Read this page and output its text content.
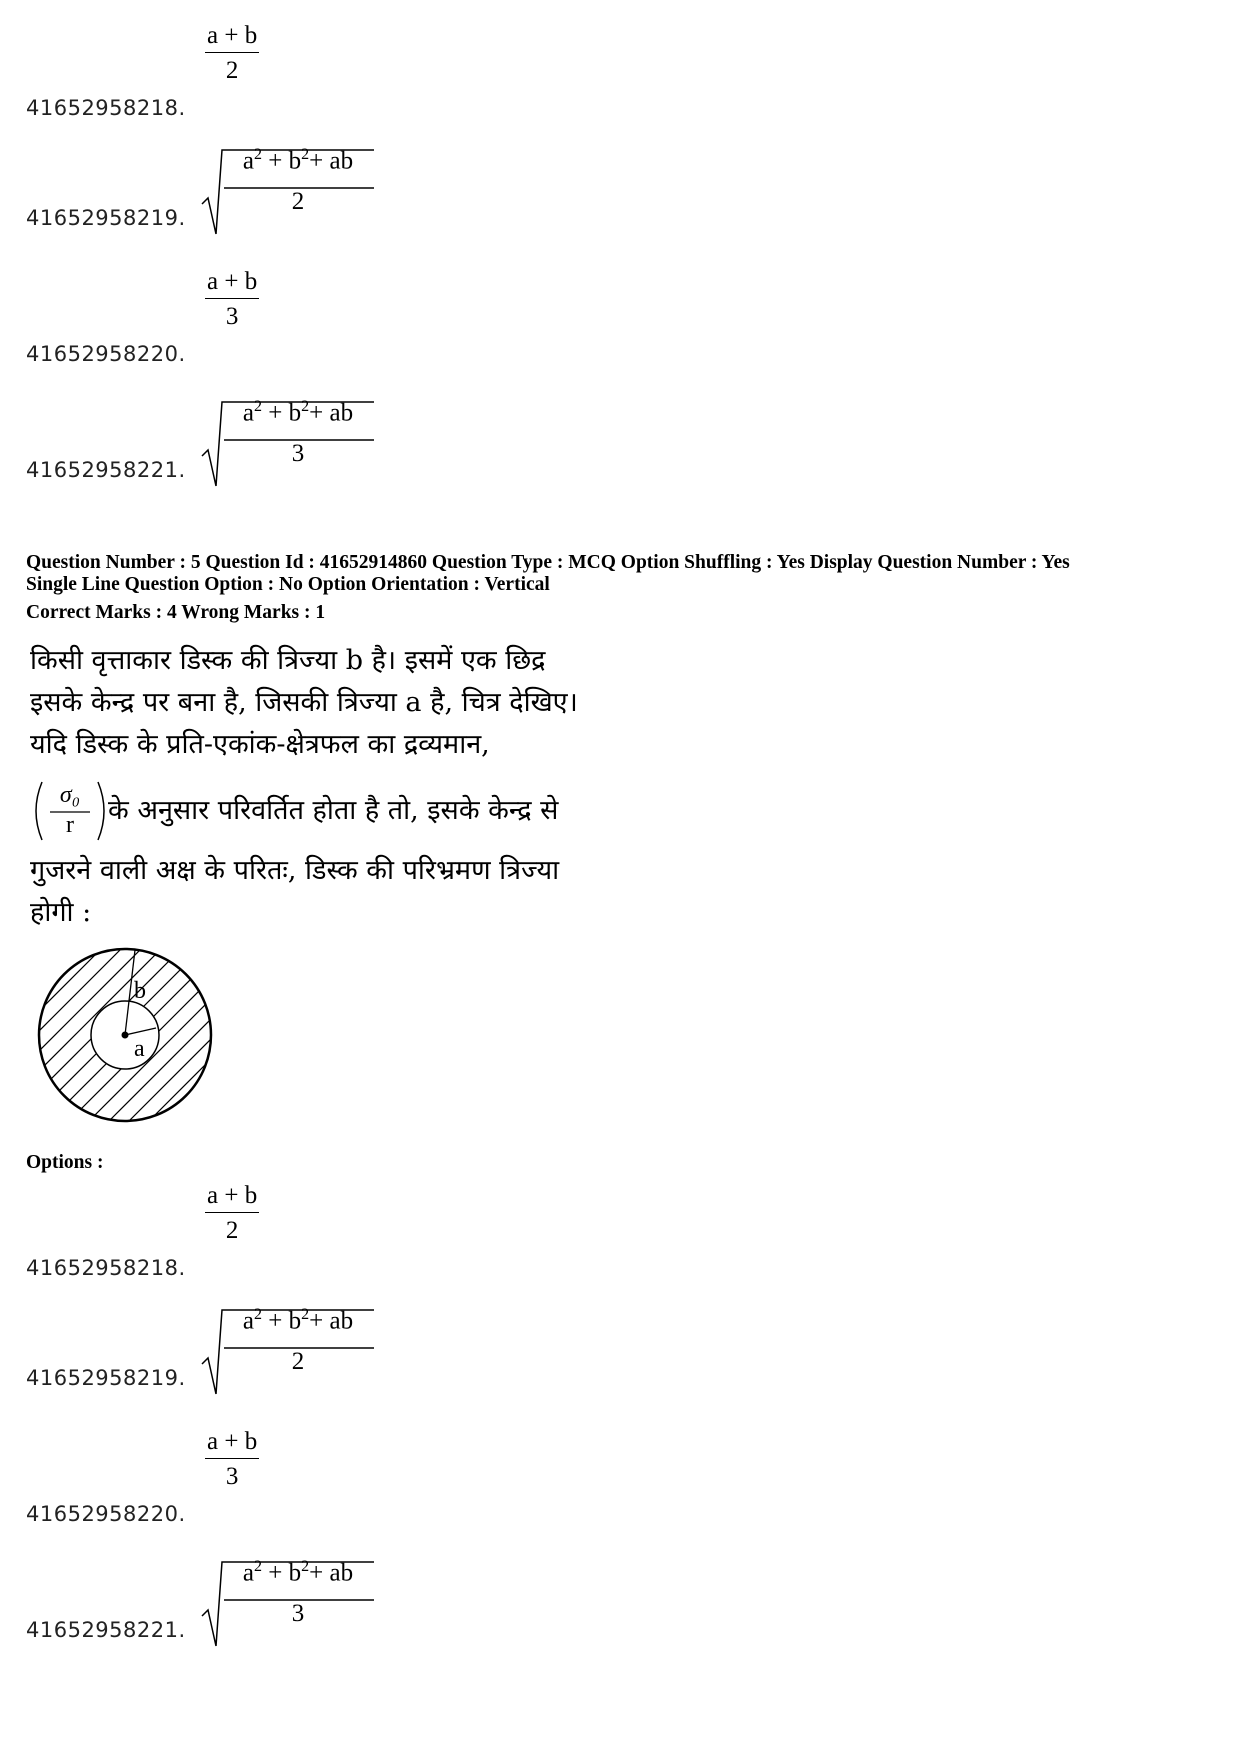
$\frac{a + b}{2}$
41652958218.
$a^2 + b^2+$ ab
2
41652958219.
$\frac{a + b}{3}$
41652958220.
$a^2 + b^2+$ ab
3
41652958221.
Question Number : 5 Question Id : 41652914860 Question Type : MCQ Option Shuffling : Yes Display Question Number : Yes
Single Line Question Option : No Option Orientation : Vertical
Correct Marks : 4 Wrong Marks : 1
किसी वृत्ताकार डिस्क की त्रिज्या b है। इसमें एक छिद्र
इसके केन्द्र पर बना है, जिसकी त्रिज्या a है, चित्र देखिए।
यदि डिस्क के प्रति-एकांक-क्षेत्रफल का द्रव्यमान,
σ₀
r	के अनुसार परिवर्तित होता है तो, इसके केन्द्र से
गुजरने वाली अक्ष के परितः, डिस्क की परिभ्रमण त्रिज्या
होगी :
b
a
Options :
$\frac{a + b}{2}$
41652958218.
$a^2 + b^2+$ ab
2
41652958219.
$\frac{a + b}{3}$
41652958220.
$a^2 + b^2+$ ab
3
41652958221.
